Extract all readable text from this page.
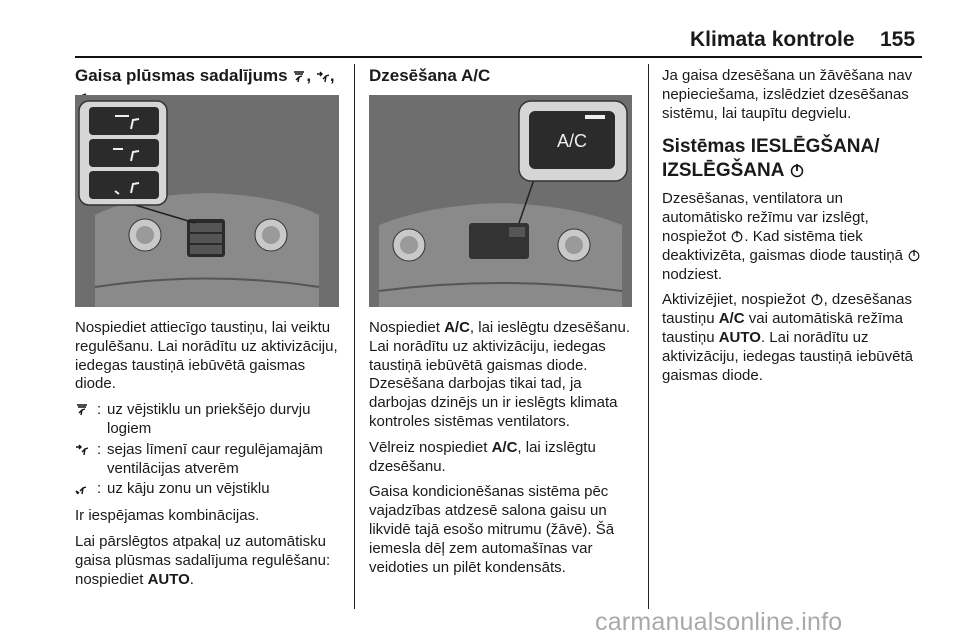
Klimata kontrole 155

Gaisa plūsmas sadalījums , ,

Nospiediet attiecīgo taustiņu, lai veiktu regulēšanu. Lai norādītu uz aktivizāciju, iedegas taustiņā iebūvētā gaismas diode.

: uz vējstiklu un priekšējo durvju logiem
: sejas līmenī caur regulējamajām ventilācijas atverēm
: uz kāju zonu un vējstiklu

Ir iespējamas kombinācijas.

Lai pārslēgtos atpakaļ uz automātisku gaisa plūsmas sadalījuma regulēšanu: nospiediet AUTO.

Dzesēšana A/C

A/C

Nospiediet A/C, lai ieslēgtu dzesēšanu. Lai norādītu uz aktivizāciju, iedegas taustiņā iebūvētā gaismas diode. Dzesēšana darbojas tikai tad, ja darbojas dzinējs un ir ieslēgts klimata kontroles sistēmas ventilators.

Vēlreiz nospiediet A/C, lai izslēgtu dzesēšanu.

Gaisa kondicionēšanas sistēma pēc vajadzības atdzesē salona gaisu un likvidē tajā esošo mitrumu (žāvē). Šā iemesla dēļ zem automašīnas var veidoties un pilēt kondensāts.

Ja gaisa dzesēšana un žāvēšana nav nepieciešama, izslēdziet dzesēšanas sistēmu, lai taupītu degvielu.

Sistēmas IESLĒGŠANA/ IZSLĒGŠANA

Dzesēšanas, ventilatora un automātisko režīmu var izslēgt, nospiežot . Kad sistēma tiek deaktivizēta, gaismas diode taustiņā  nodziest.

Aktivizējiet, nospiežot , dzesēšanas taustiņu A/C vai automātiskā režīma taustiņu AUTO. Lai norādītu uz aktivizāciju, iedegas taustiņā iebūvētā gaismas diode.

carmanualsonline.info
